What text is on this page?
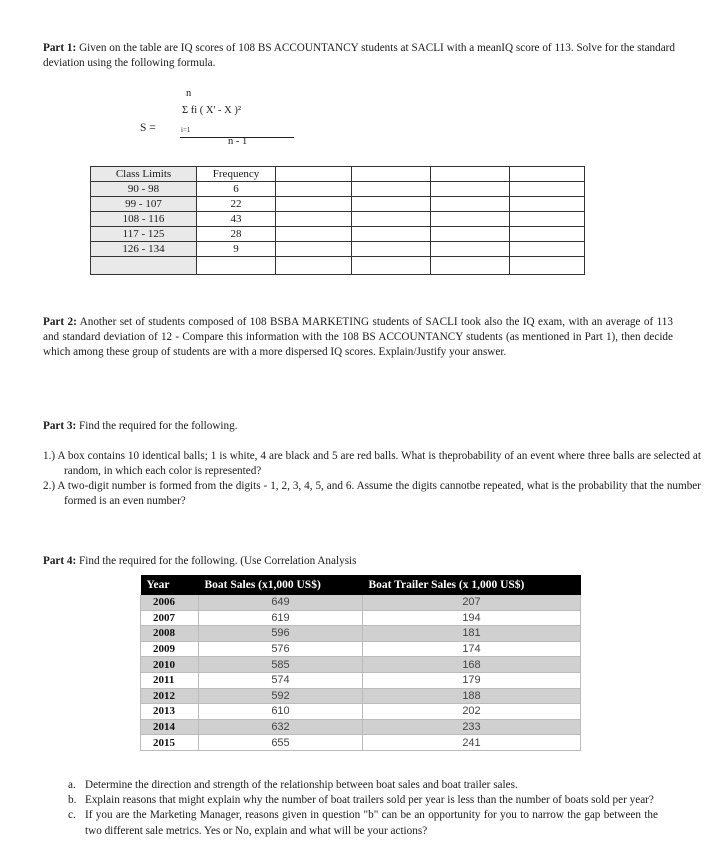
Part 1: Given on the table are IQ scores of 108 BS ACCOUNTANCY students at SACLI with a meanIQ score of 113. Solve for the standard deviation using the following formula.
n
Σ fi ( X' - X )²
S =	i=1
n - 1
Class Limits	Frequency				
90 - 98	6				
99 - 107	22				
108 - 116	43				
117 - 125	28				
126 - 134	9				

Part 2: Another set of students composed of 108 BSBA MARKETING students of SACLI took also the IQ exam, with an average of 113 and standard deviation of 12 - Compare this information with the 108 BS ACCOUNTANCY students (as mentioned in Part 1), then decide which among these group of students are with a more dispersed IQ scores. Explain/Justify your answer.
Part 3: Find the required for the following.
1.) A box contains 10 identical balls; 1 is white, 4 are black and 5 are red balls. What is theprobability of an event where three balls are selected at random, in which each color is represented?
2.) A two-digit number is formed from the digits - 1, 2, 3, 4, 5, and 6. Assume the digits cannotbe repeated, what is the probability that the number formed is an even number?
Part 4: Find the required for the following. (Use Correlation Analysis
Year	Boat Sales (x1,000 US$)	Boat Trailer Sales (x 1,000 US$)
2006	649	207
2007	619	194
2008	596	181
2009	576	174
2010	585	168
2011	574	179
2012	592	188
2013	610	202
2014	632	233
2015	655	241
a. Determine the direction and strength of the relationship between boat sales and boat trailer sales.
b. Explain reasons that might explain why the number of boat trailers sold per year is less than the number of boats sold per year?
c. If you are the Marketing Manager, reasons given in question "b" can be an opportunity for you to narrow the gap between the two different sale metrics. Yes or No, explain and what will be your actions?
